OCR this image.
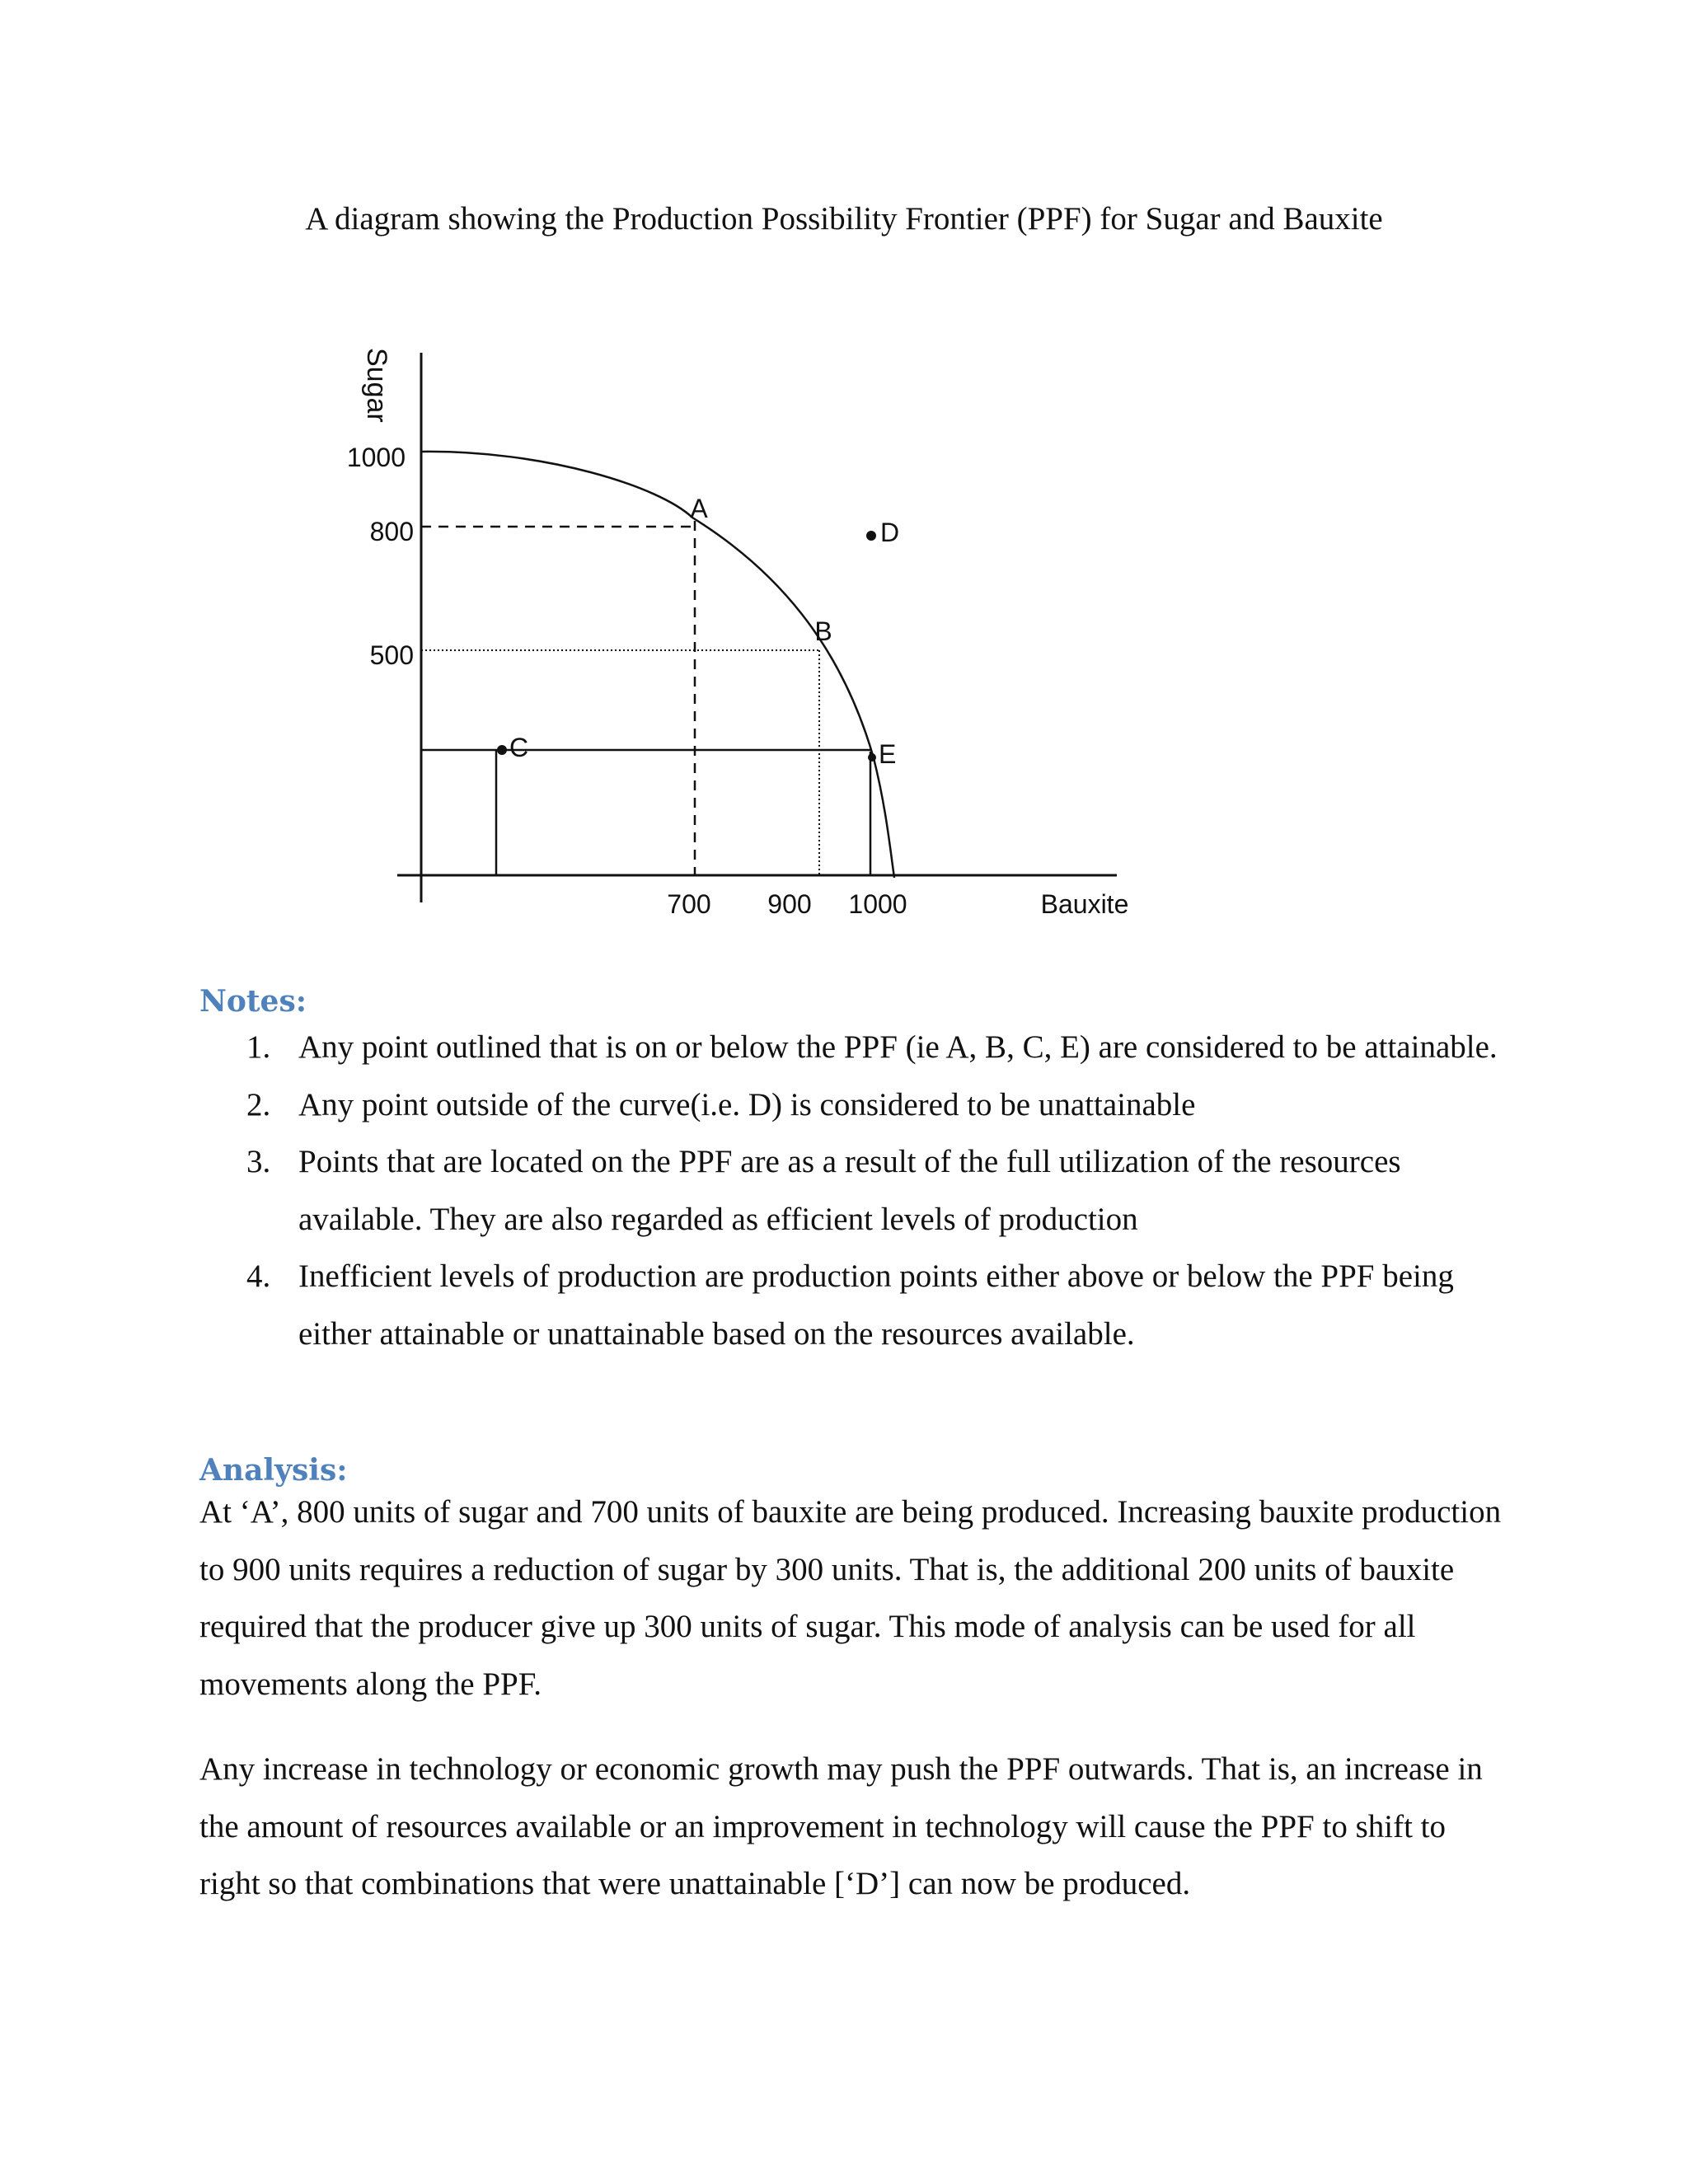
A diagram showing the Production Possibility Frontier (PPF) for Sugar and Bauxite
Sugar
1000
800
500
700 900 1000	Bauxite
A
B
C
D
E
Notes:
1. Any point outlined that is on or below the PPF (ie A, B, C, E) are considered to be attainable.
2. Any point outside of the curve(i.e. D) is considered to be unattainable
3. Points that are located on the PPF are as a result of the full utilization of the resources available. They are also regarded as efficient levels of production
4. Inefficient levels of production are production points either above or below the PPF being either attainable or unattainable based on the resources available.
Analysis:

At ‘A’, 800 units of sugar and 700 units of bauxite are being produced. Increasing bauxite production to 900 units requires a reduction of sugar by 300 units. That is, the additional 200 units of bauxite required that the producer give up 300 units of sugar. This mode of analysis can be used for all movements along the PPF.

Any increase in technology or economic growth may push the PPF outwards. That is, an increase in the amount of resources available or an improvement in technology will cause the PPF to shift to right so that combinations that were unattainable [‘D’] can now be produced.
